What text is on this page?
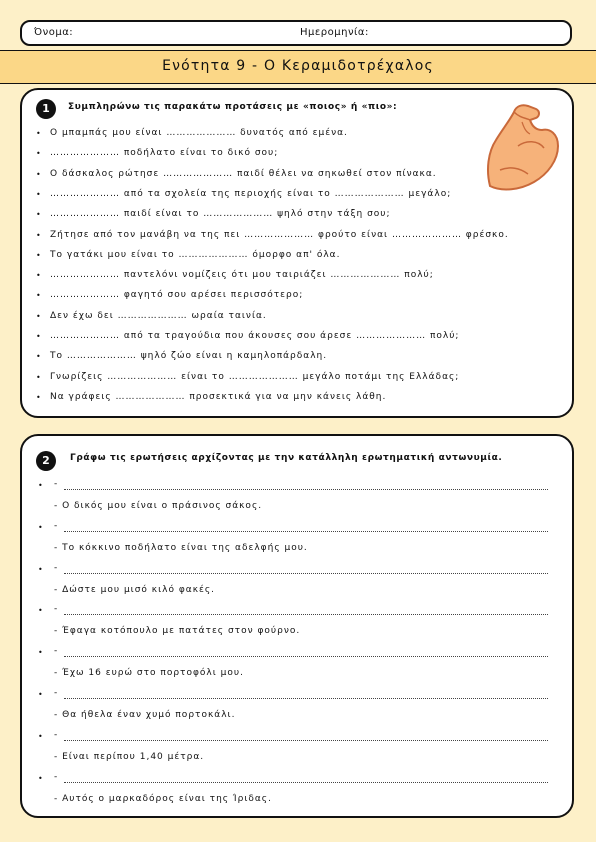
Όνομα:	Ημερομηνία:
Ενότητα 9 - Ο Κεραμιδοτρέχαλος
1	Συμπληρώνω τις παρακάτω προτάσεις με «ποιος» ή «πιο»:
• Ο μπαμπάς μου είναι ………………… δυνατός από εμένα.
• ………………… ποδήλατο είναι το δικό σου;
• Ο δάσκαλος ρώτησε ………………… παιδί θέλει να σηκωθεί στον πίνακα.
• ………………… από τα σχολεία της περιοχής είναι το ………………… μεγάλο;
• ………………… παιδί είναι το ………………… ψηλό στην τάξη σου;
• Ζήτησε από τον μανάβη να της πει ………………… φρούτο είναι ………………… φρέσκο.
• Το γατάκι μου είναι το ………………… όμορφο απ' όλα.
• ………………… παντελόνι νομίζεις ότι μου ταιριάζει ………………… πολύ;
• ………………… φαγητό σου αρέσει περισσότερο;
• Δεν έχω δει ………………… ωραία ταινία.
• ………………… από τα τραγούδια που άκουσες σου άρεσε ………………… πολύ;
• Το ………………… ψηλό ζώο είναι η καμηλοπάρδαλη.
• Γνωρίζεις ………………… είναι το ………………… μεγάλο ποτάμι της Ελλάδας;
• Να γράφεις ………………… προσεκτικά για να μην κάνεις λάθη.
2	Γράφω τις ερωτήσεις αρχίζοντας με την κατάλληλη ερωτηματική αντωνυμία.
• -
- Ο δικός μου είναι ο πράσινος σάκος.
• -
- Το κόκκινο ποδήλατο είναι της αδελφής μου.
• -
- Δώστε μου μισό κιλό φακές.
• -
- Έφαγα κοτόπουλο με πατάτες στον φούρνο.
• -
- Έχω 16 ευρώ στο πορτοφόλι μου.
• -
- Θα ήθελα έναν χυμό πορτοκάλι.
• -
- Είναι περίπου 1,40 μέτρα.
• -
- Αυτός ο μαρκαδόρος είναι της Ίριδας.
